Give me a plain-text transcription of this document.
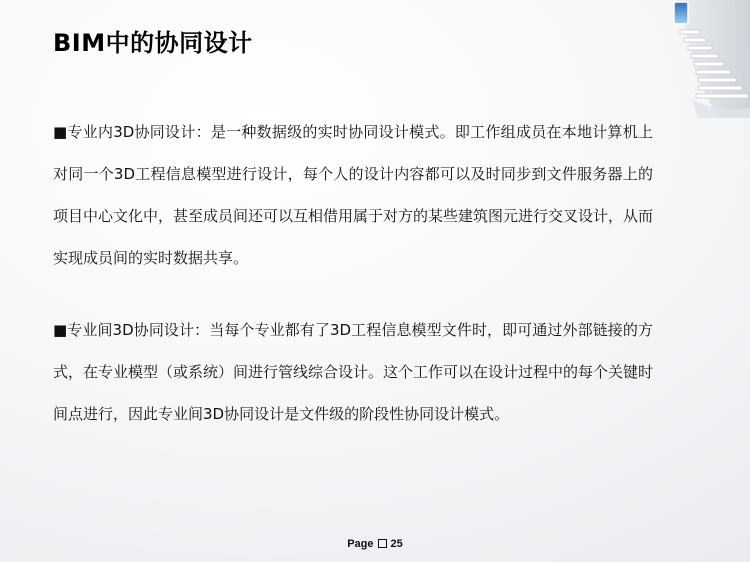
BIM中的协同设计

■专业内3D协同设计：是一种数据级的实时协同设计模式。即工作组成员在本地计算机上对同一个3D工程信息模型进行设计，每个人的设计内容都可以及时同步到文件服务器上的项目中心文化中，甚至成员间还可以互相借用属于对方的某些建筑图元进行交叉设计，从而实现成员间的实时数据共享。

■专业间3D协同设计：当每个专业都有了3D工程信息模型文件时，即可通过外部链接的方式，在专业模型（或系统）间进行管线综合设计。这个工作可以在设计过程中的每个关键时间点进行，因此专业间3D协同设计是文件级的阶段性协同设计模式。

Page 25
